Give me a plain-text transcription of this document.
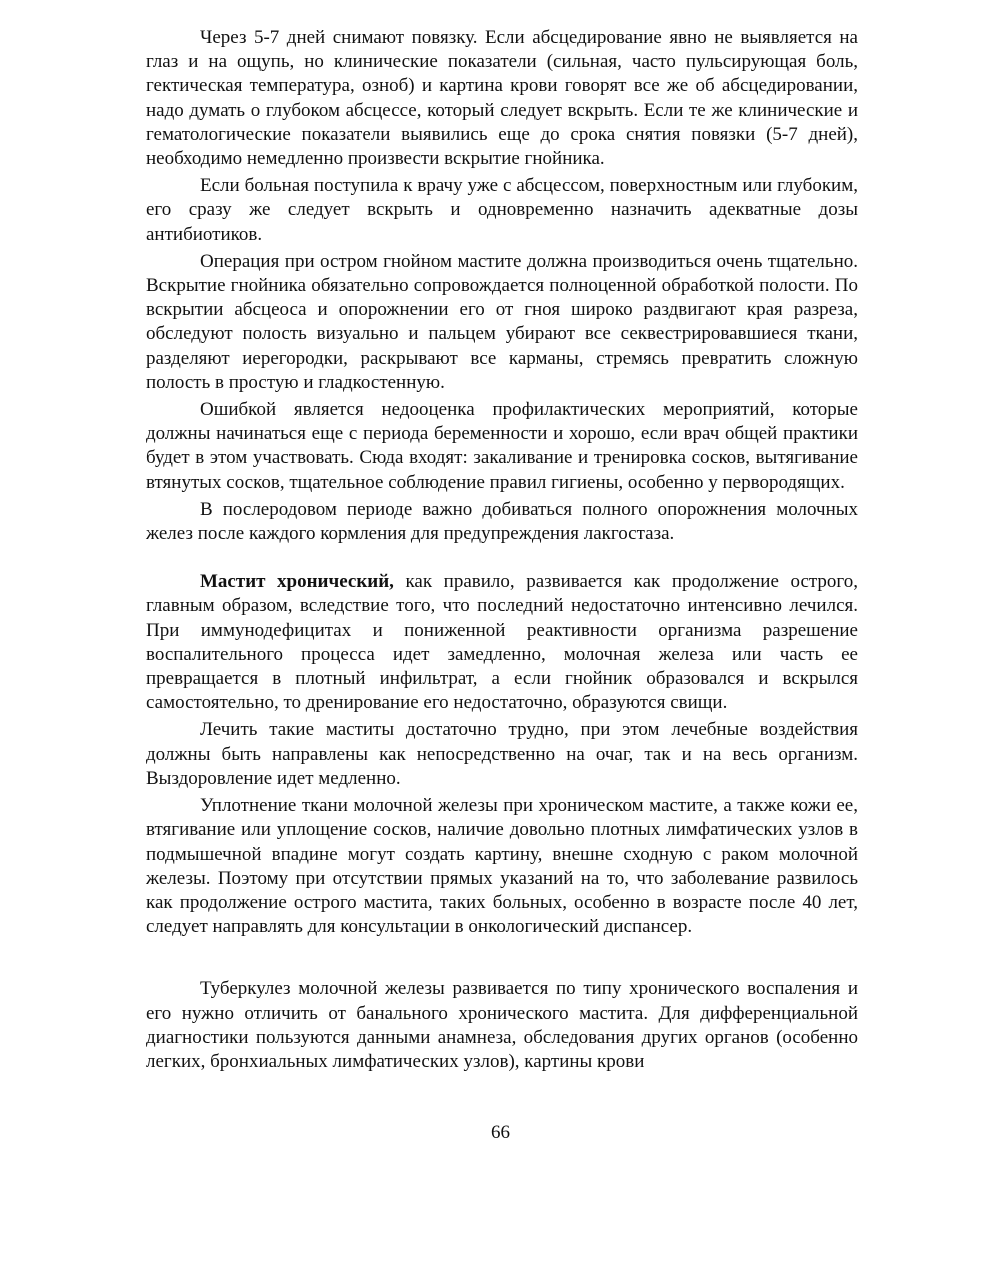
Через 5-7 дней снимают повязку. Если абсцедирование явно не выявляется на глаз и на ощупь, но клинические показатели (сильная, часто пульсирующая боль, гектическая температура, озноб) и картина крови говорят все же об абсцедировании, надо думать о глубоком абсцессе, который следует вскрыть. Если те же клинические и гематологические показатели выявились еще до срока снятия повязки (5-7 дней), необходимо немедленно произвести вскрытие гнойника.

Если больная поступила к врачу уже с абсцессом, поверхностным или глубоким, его сразу же следует вскрыть и одновременно назначить адекватные дозы антибиотиков.

Операция при остром гнойном мастите должна производиться очень тщательно. Вскрытие гнойника обязательно сопровождается полноценной обработкой полости. По вскрытии абсцеоса и опорожнении его от гноя широко раздвигают края разреза, обследуют полость визуально и пальцем убирают все секвестрировавшиеся ткани, разделяют иерегородки, раскрывают все карманы, стремясь превратить сложную полость в простую и гладкостенную.

Ошибкой является недооценка профилактических мероприятий, которые должны начинаться еще с периода беременности и хорошо, если врач общей практики будет в этом участвовать. Сюда входят: закаливание и тренировка сосков, вытягивание втянутых сосков, тщательное соблюдение правил гигиены, особенно у первородящих.

В послеродовом периоде важно добиваться полного опорожнения молочных желез после каждого кормления для предупреждения лакгостаза.

Мастит хронический, как правило, развивается как продолжение острого, главным образом, вследствие того, что последний недостаточно интенсивно лечился. При иммунодефицитах и пониженной реактивности организма разрешение воспалительного процесса идет замедленно, молочная железа или часть ее превращается в плотный инфильтрат, а если гнойник образовался и вскрылся самостоятельно, то дренирование его недостаточно, образуются свищи.

Лечить такие маститы достаточно трудно, при этом лечебные воздействия должны быть направлены как непосредственно на очаг, так и на весь организм. Выздоровление идет медленно.

Уплотнение ткани молочной железы при хроническом мастите, а также кожи ее, втягивание или уплощение сосков, наличие довольно плотных лимфатических узлов в подмышечной впадине могут создать картину, внешне сходную с раком молочной железы. Поэтому при отсутствии прямых указаний на то, что заболевание развилось как продолжение острого мастита, таких больных, особенно в возрасте после 40 лет, следует направлять для консультации в онкологический диспансер.

Туберкулез молочной железы развивается по типу хронического воспаления и его нужно отличить от банального хронического мастита. Для дифференциальной диагностики пользуются данными анамнеза, обследования других органов (особенно легких, бронхиальных лимфатических узлов), картины крови

66
